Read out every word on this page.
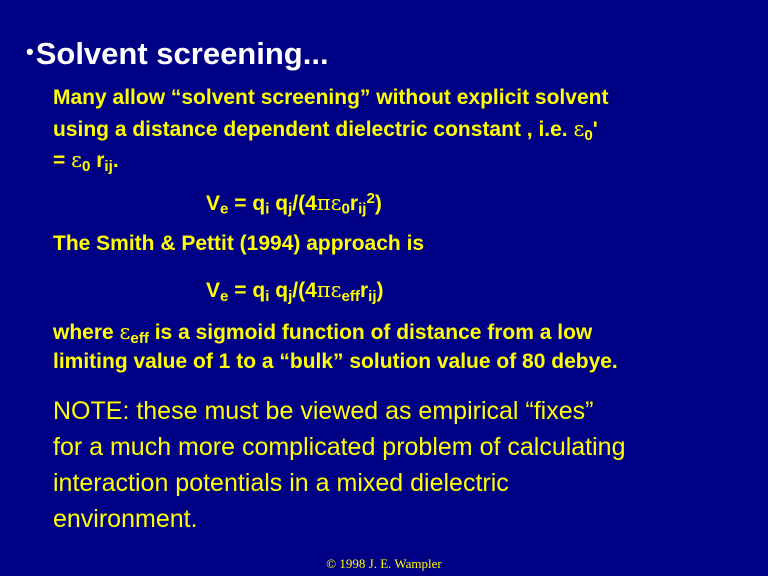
•Solvent screening...
Many allow “solvent screening” without explicit solvent
using a distance dependent dielectric constant , i.e. $\varepsilon_0'$
= $\varepsilon_0$ $r_{ij}$.
$V_e = q_i$ $q_j/(4\pi\varepsilon_0r_{ij}^2)$
The Smith & Pettit (1994) approach is
$V_e = q_i$ $q_j/(4\pi\varepsilon_{eff}r_{ij})$
where $\varepsilon_{eff}$ is a sigmoid function of distance from a low
limiting value of 1 to a “bulk” solution value of 80 debye.
NOTE: these must be viewed as empirical “fixes”
for a much more complicated problem of calculating
interaction potentials in a mixed dielectric
environment.
© 1998 J. E. Wampler
